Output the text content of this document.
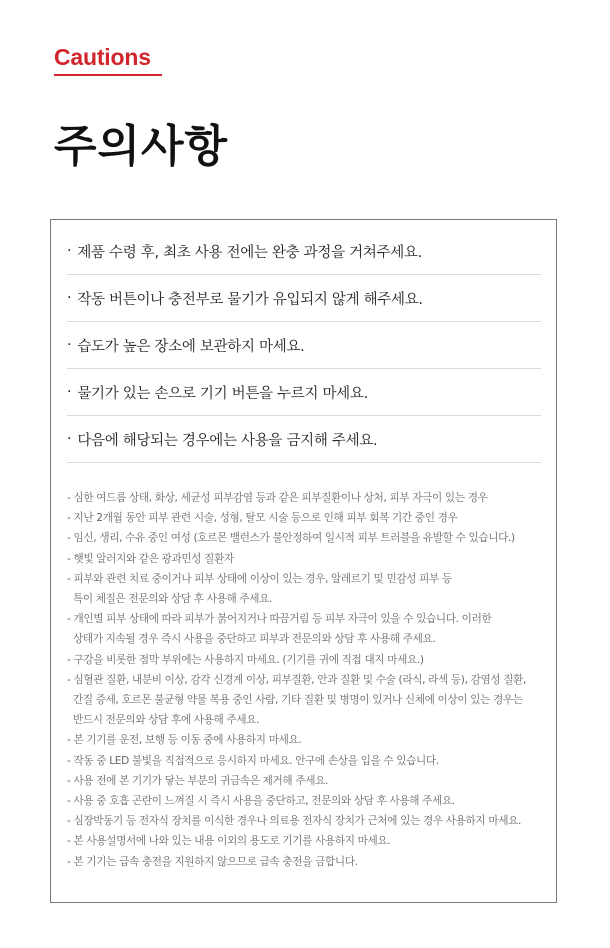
Cautions
주의사항
· 제품 수령 후, 최초 사용 전에는 완충 과정을 거쳐주세요.
· 작동 버튼이나 충전부로 물기가 유입되지 않게 해주세요.
· 습도가 높은 장소에 보관하지 마세요.
· 물기가 있는 손으로 기기 버튼을 누르지 마세요.
· 다음에 해당되는 경우에는 사용을 금지해 주세요.
- 심한 여드름 상태, 화상, 세균성 피부감염 등과 같은 피부질환이나 상처, 피부 자극이 있는 경우
- 지난 2개월 동안 피부 관련 시술, 성형, 탈모 시술 등으로 인해 피부 회복 기간 중인 경우
- 임신, 생리, 수유 중인 여성 (호르몬 밸런스가 불안정하여 일시적 피부 트러블을 유발할 수 있습니다.)
- 햇빛 알러지와 같은 광과민성 질환자
- 피부와 관련 치료 중이거나 피부 상태에 이상이 있는 경우, 알레르기 및 민감성 피부 등
특이 체질은 전문의와 상담 후 사용해 주세요.
- 개인별 피부 상태에 따라 피부가 붉어지거나 따끔거림 등 피부 자극이 있을 수 있습니다. 이러한
상태가 지속될 경우 즉시 사용을 중단하고 피부과 전문의와 상담 후 사용해 주세요.
- 구강을 비롯한 점막 부위에는 사용하지 마세요. (기기를 귀에 직접 대지 마세요.)
- 심혈관 질환, 내분비 이상, 감각 신경계 이상, 피부질환, 안과 질환 및 수술 (라식, 라섹 등), 감염성 질환,
간질 증세, 호르몬 불균형 약물 복용 중인 사람, 기타 질환 및 병명이 있거나 신체에 이상이 있는 경우는
반드시 전문의와 상담 후에 사용해 주세요.
- 본 기기를 운전, 보행 등 이동 중에 사용하지 마세요.
- 작동 중 LED 불빛을 직접적으로 응시하지 마세요. 안구에 손상을 입을 수 있습니다.
- 사용 전에 본 기기가 닿는 부분의 귀금속은 제거해 주세요.
- 사용 중 호흡 곤란이 느껴질 시 즉시 사용을 중단하고, 전문의와 상담 후 사용해 주세요.
- 심장박동기 등 전자식 장치를 이식한 경우나 의료용 전자식 장치가 근처에 있는 경우 사용하지 마세요.
- 본 사용설명서에 나와 있는 내용 이외의 용도로 기기를 사용하지 마세요.
- 본 기기는 급속 충전을 지원하지 않으므로 급속 충전을 금합니다.
